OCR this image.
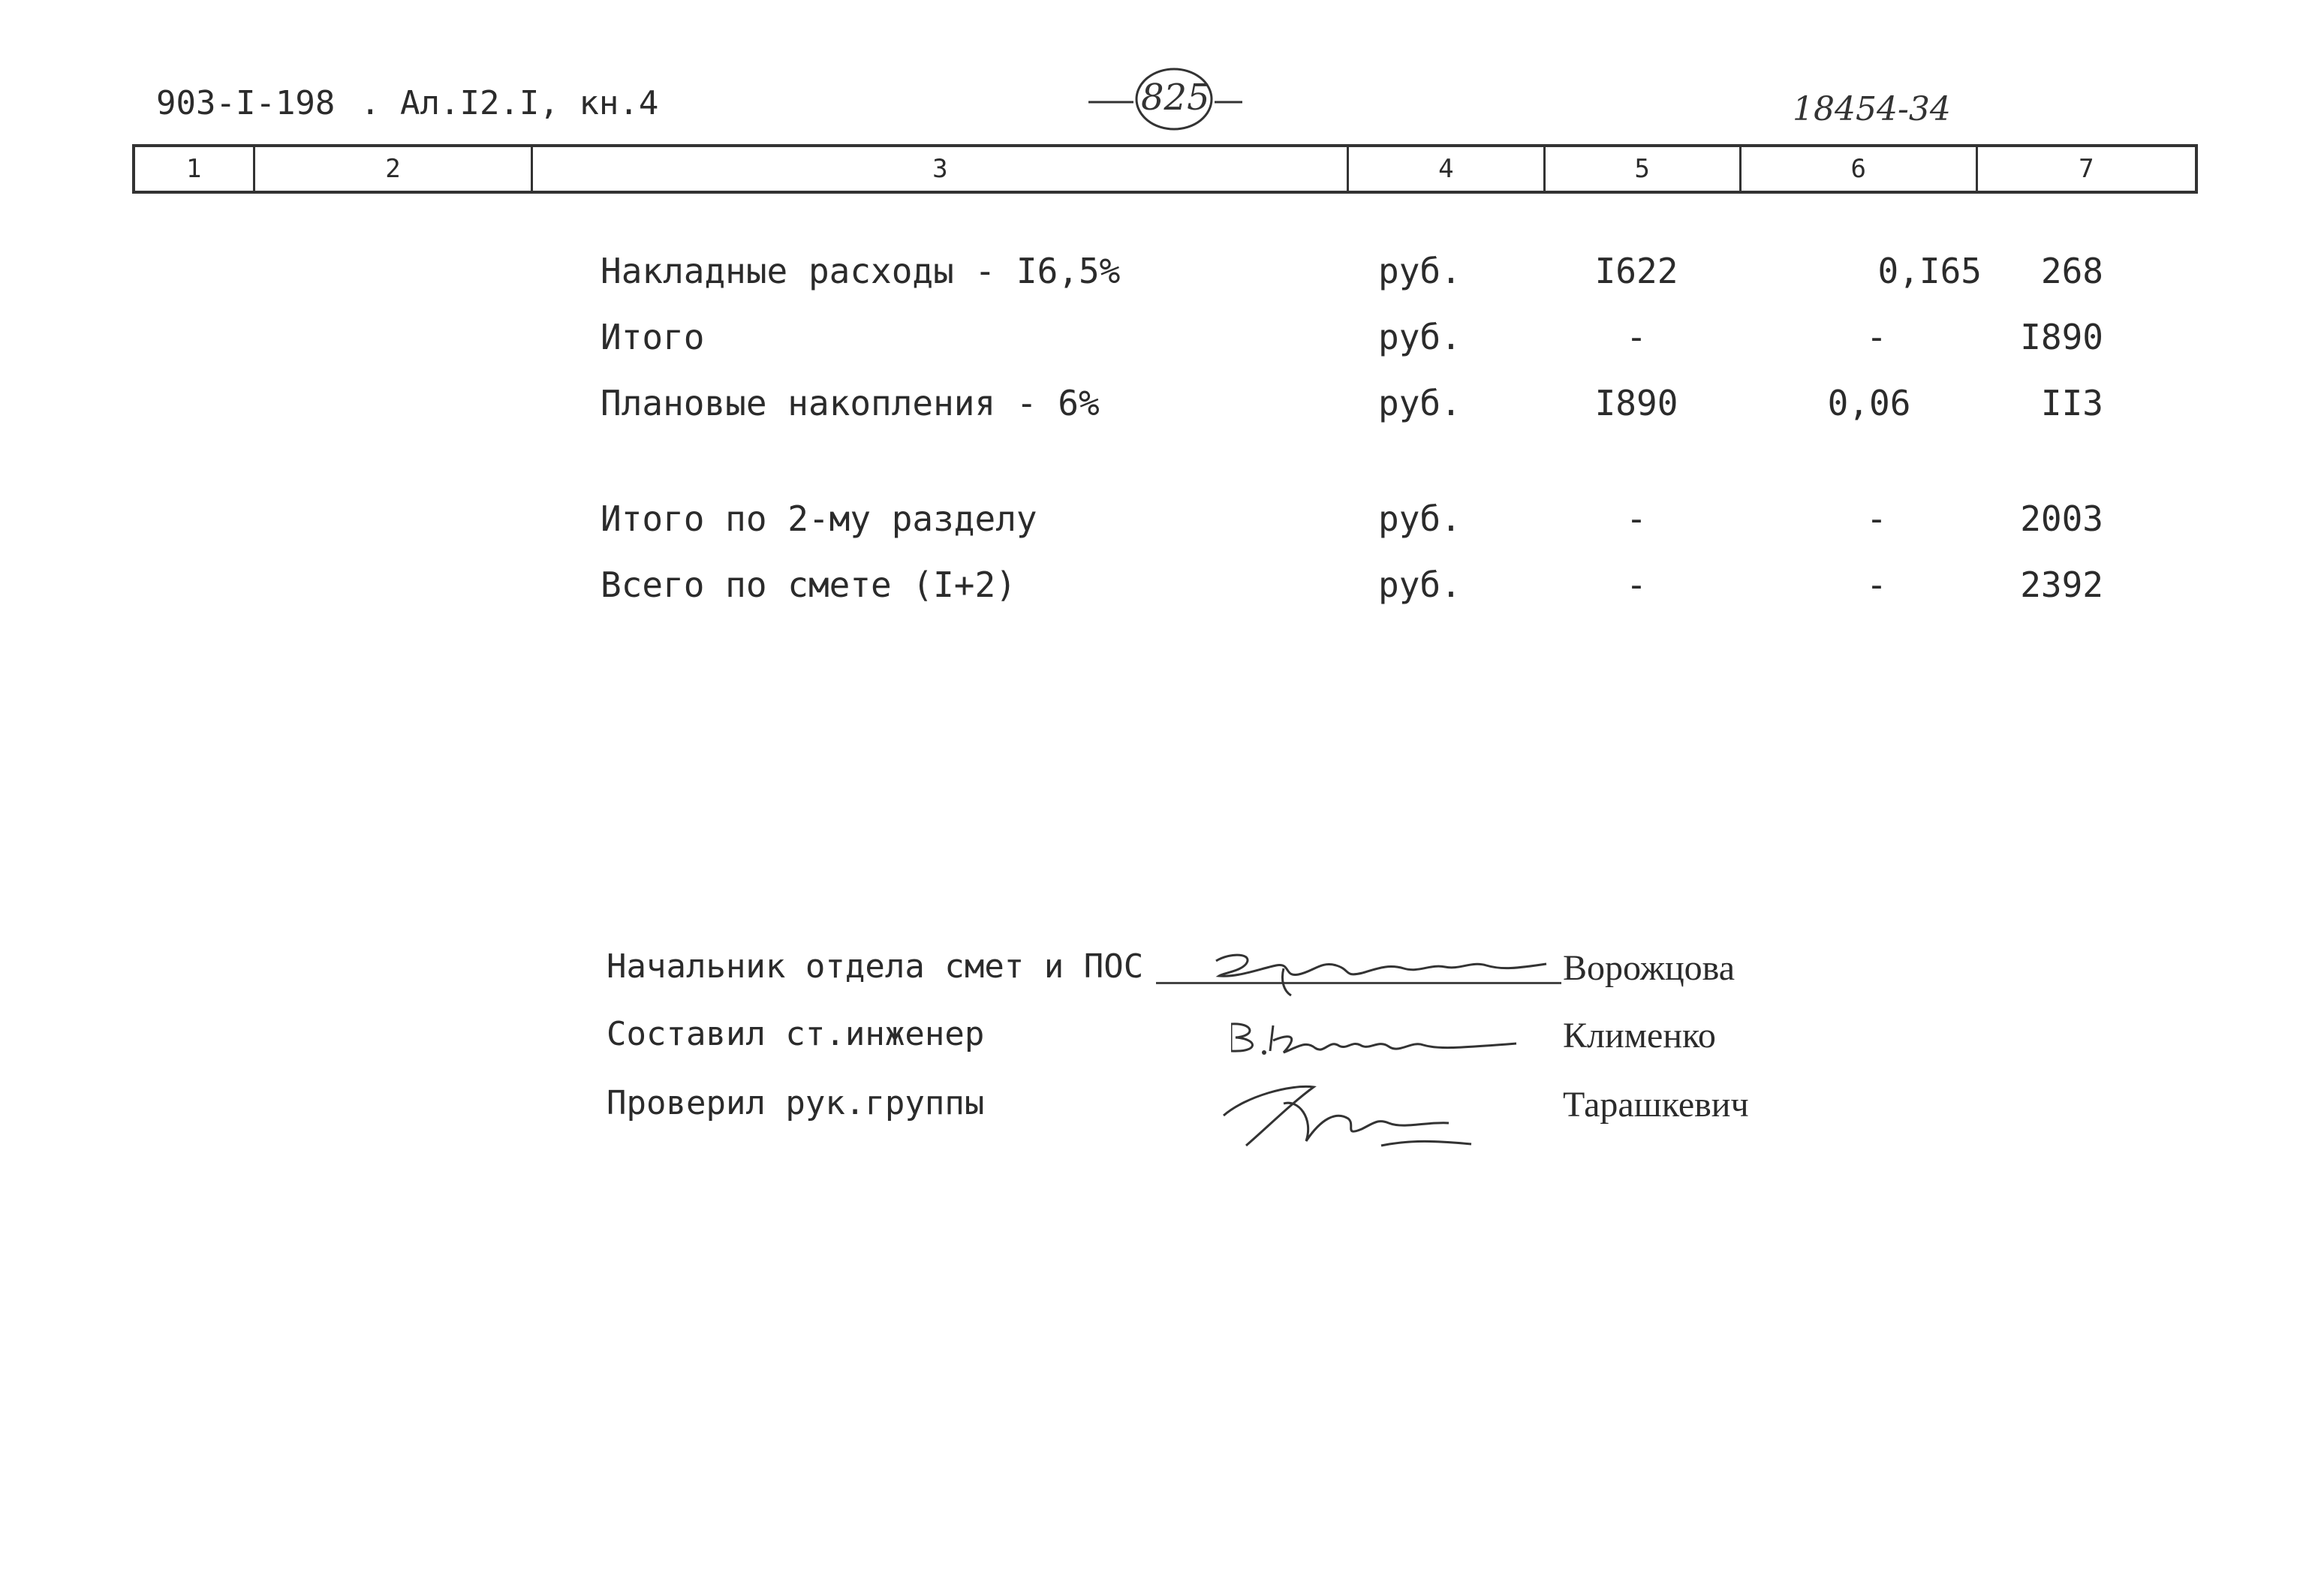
903-I-198 . Ал.I2.I, кн.4	825	18454-34
1	2	3	4	5	6	7
Накладные расходы - I6,5%	руб.	I622	0,I65	268
Итого	руб.	-	-	I890
Плановые накопления - 6%	руб.	I890	0,06	II3
Итого по 2-му разделу	руб.	-	-	2003
Всего по смете (I+2)	руб.	-	-	2392
Начальник отдела смет и ПОС	Ворожцова
Составил ст.инженер	Клименко
Проверил рук.группы	Тарашкевич
